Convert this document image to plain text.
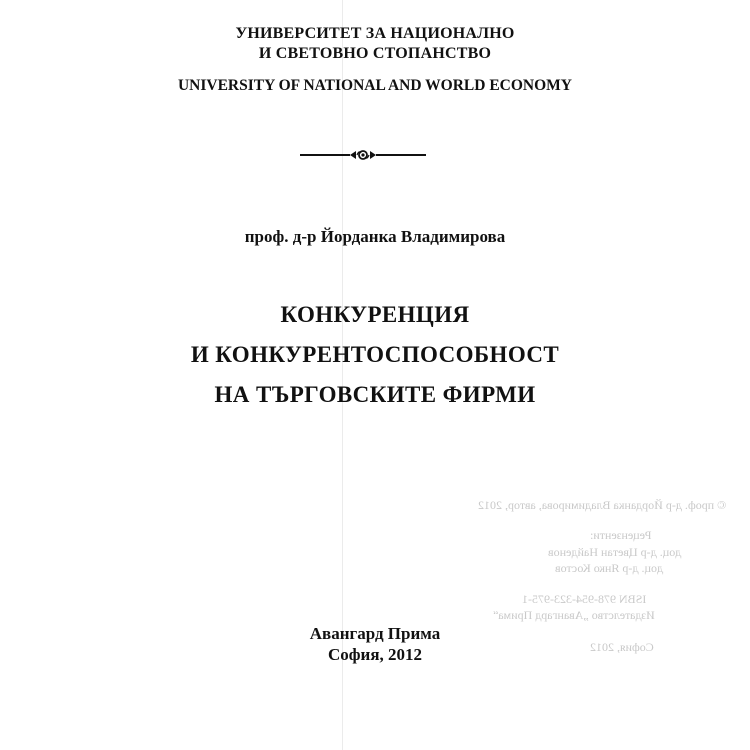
УНИВЕРСИТЕТ ЗА НАЦИОНАЛНО
И СВЕТОВНО СТОПАНСТВО
UNIVERSITY OF NATIONAL AND WORLD ECONOMY
проф. д-р Йорданка Владимирова
КОНКУРЕНЦИЯ
И КОНКУРЕНТОСПОСОБНОСТ
НА ТЪРГОВСКИТЕ ФИРМИ
© проф. д-р Йорданка Владимирова, автор, 2012
Рецензенти:
доц. д-р Цветан Найденов
доц. д-р Янко Костов
ISBN 978-954-323-975-1
Издателство „Авангард Прима“
София, 2012
Авангард Прима
София, 2012
